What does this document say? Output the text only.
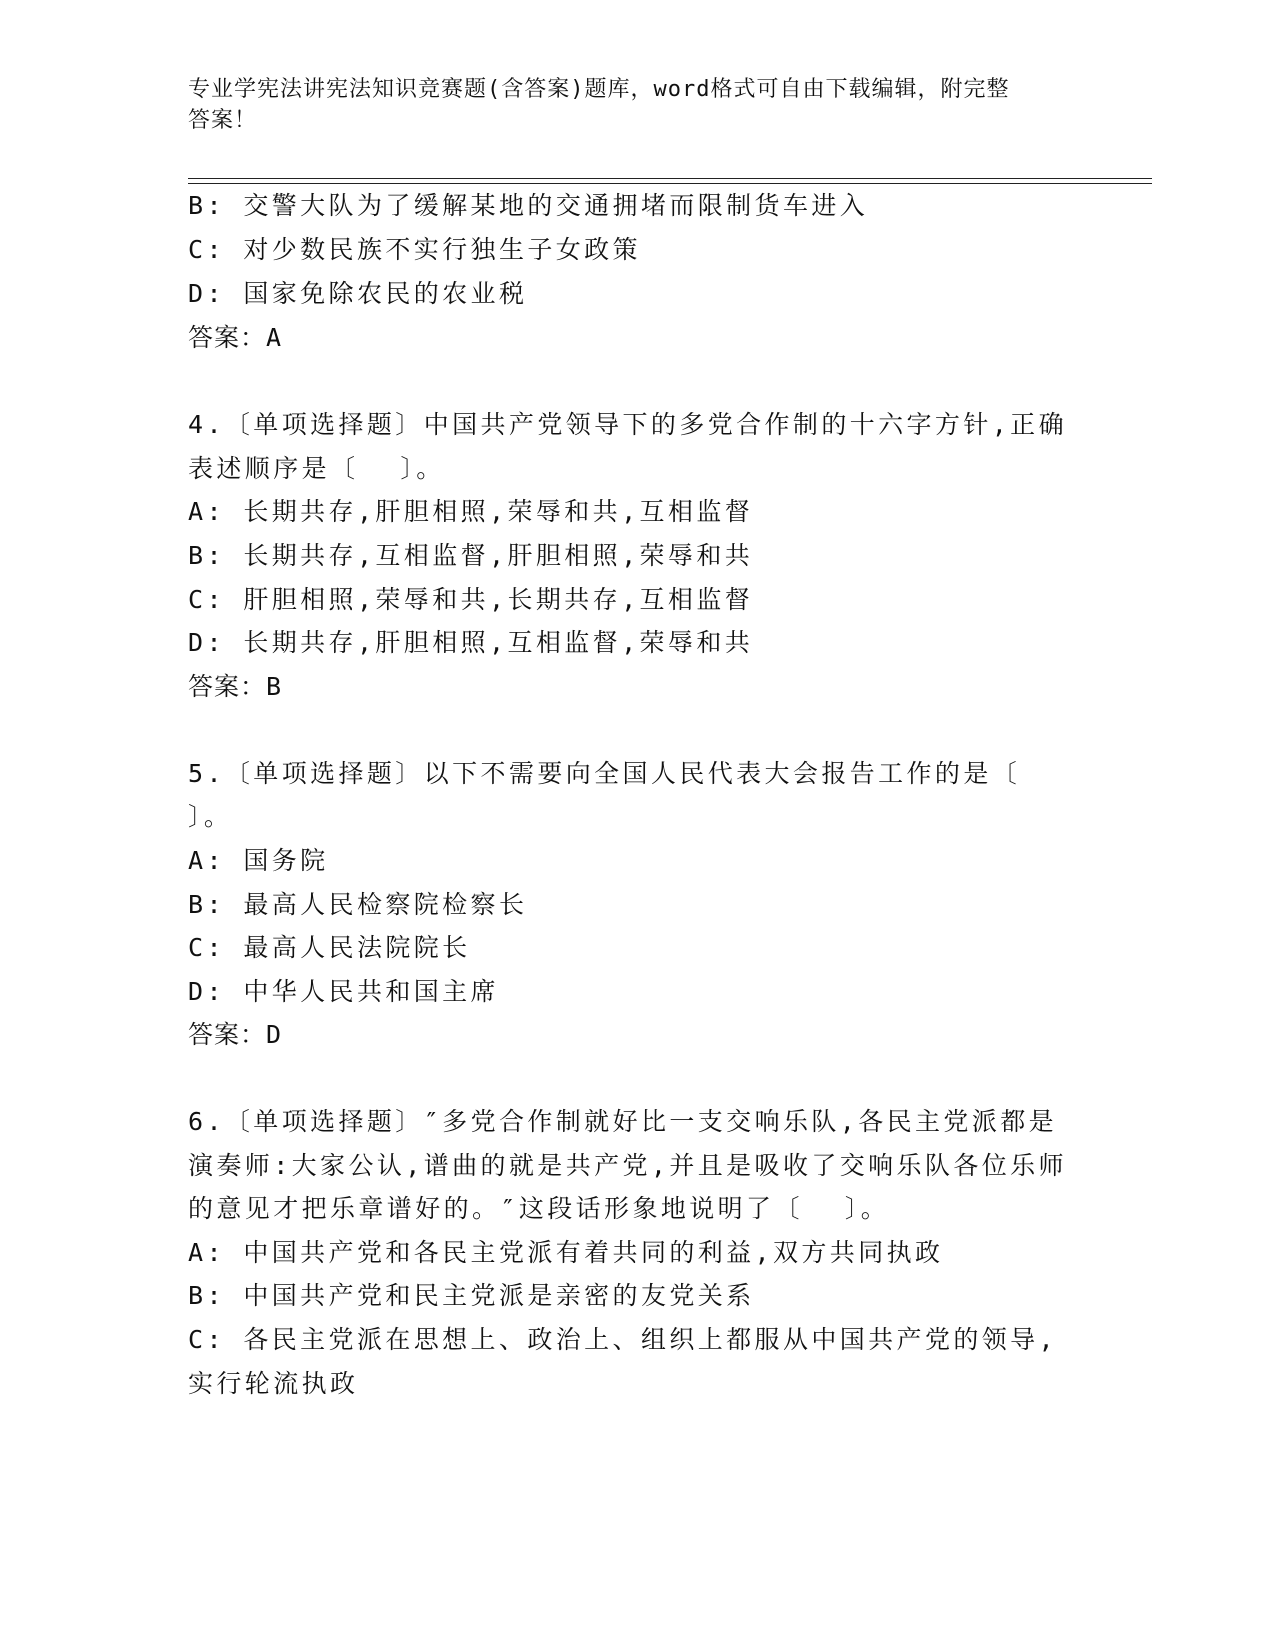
专业学宪法讲宪法知识竞赛题(含答案)题库，word格式可自由下载编辑，附完整
答案！
B: 交警大队为了缓解某地的交通拥堵而限制货车进入
C: 对少数民族不实行独生子女政策
D: 国家免除农民的农业税
答案：A
4.〔单项选择题〕中国共产党领导下的多党合作制的十六字方针,正确
表述顺序是〔 〕。
A: 长期共存,肝胆相照,荣辱和共,互相监督
B: 长期共存,互相监督,肝胆相照,荣辱和共
C: 肝胆相照,荣辱和共,长期共存,互相监督
D: 长期共存,肝胆相照,互相监督,荣辱和共
答案：B
5.〔单项选择题〕以下不需要向全国人民代表大会报告工作的是〔
〕。
A: 国务院
B: 最高人民检察院检察长
C: 最高人民法院院长
D: 中华人民共和国主席
答案：D
6.〔单项选择题〕″多党合作制就好比一支交响乐队,各民主党派都是
演奏师:大家公认,谱曲的就是共产党,并且是吸收了交响乐队各位乐师
的意见才把乐章谱好的。″这段话形象地说明了〔 〕。
A: 中国共产党和各民主党派有着共同的利益,双方共同执政
B: 中国共产党和民主党派是亲密的友党关系
C: 各民主党派在思想上、政治上、组织上都服从中国共产党的领导,
实行轮流执政
